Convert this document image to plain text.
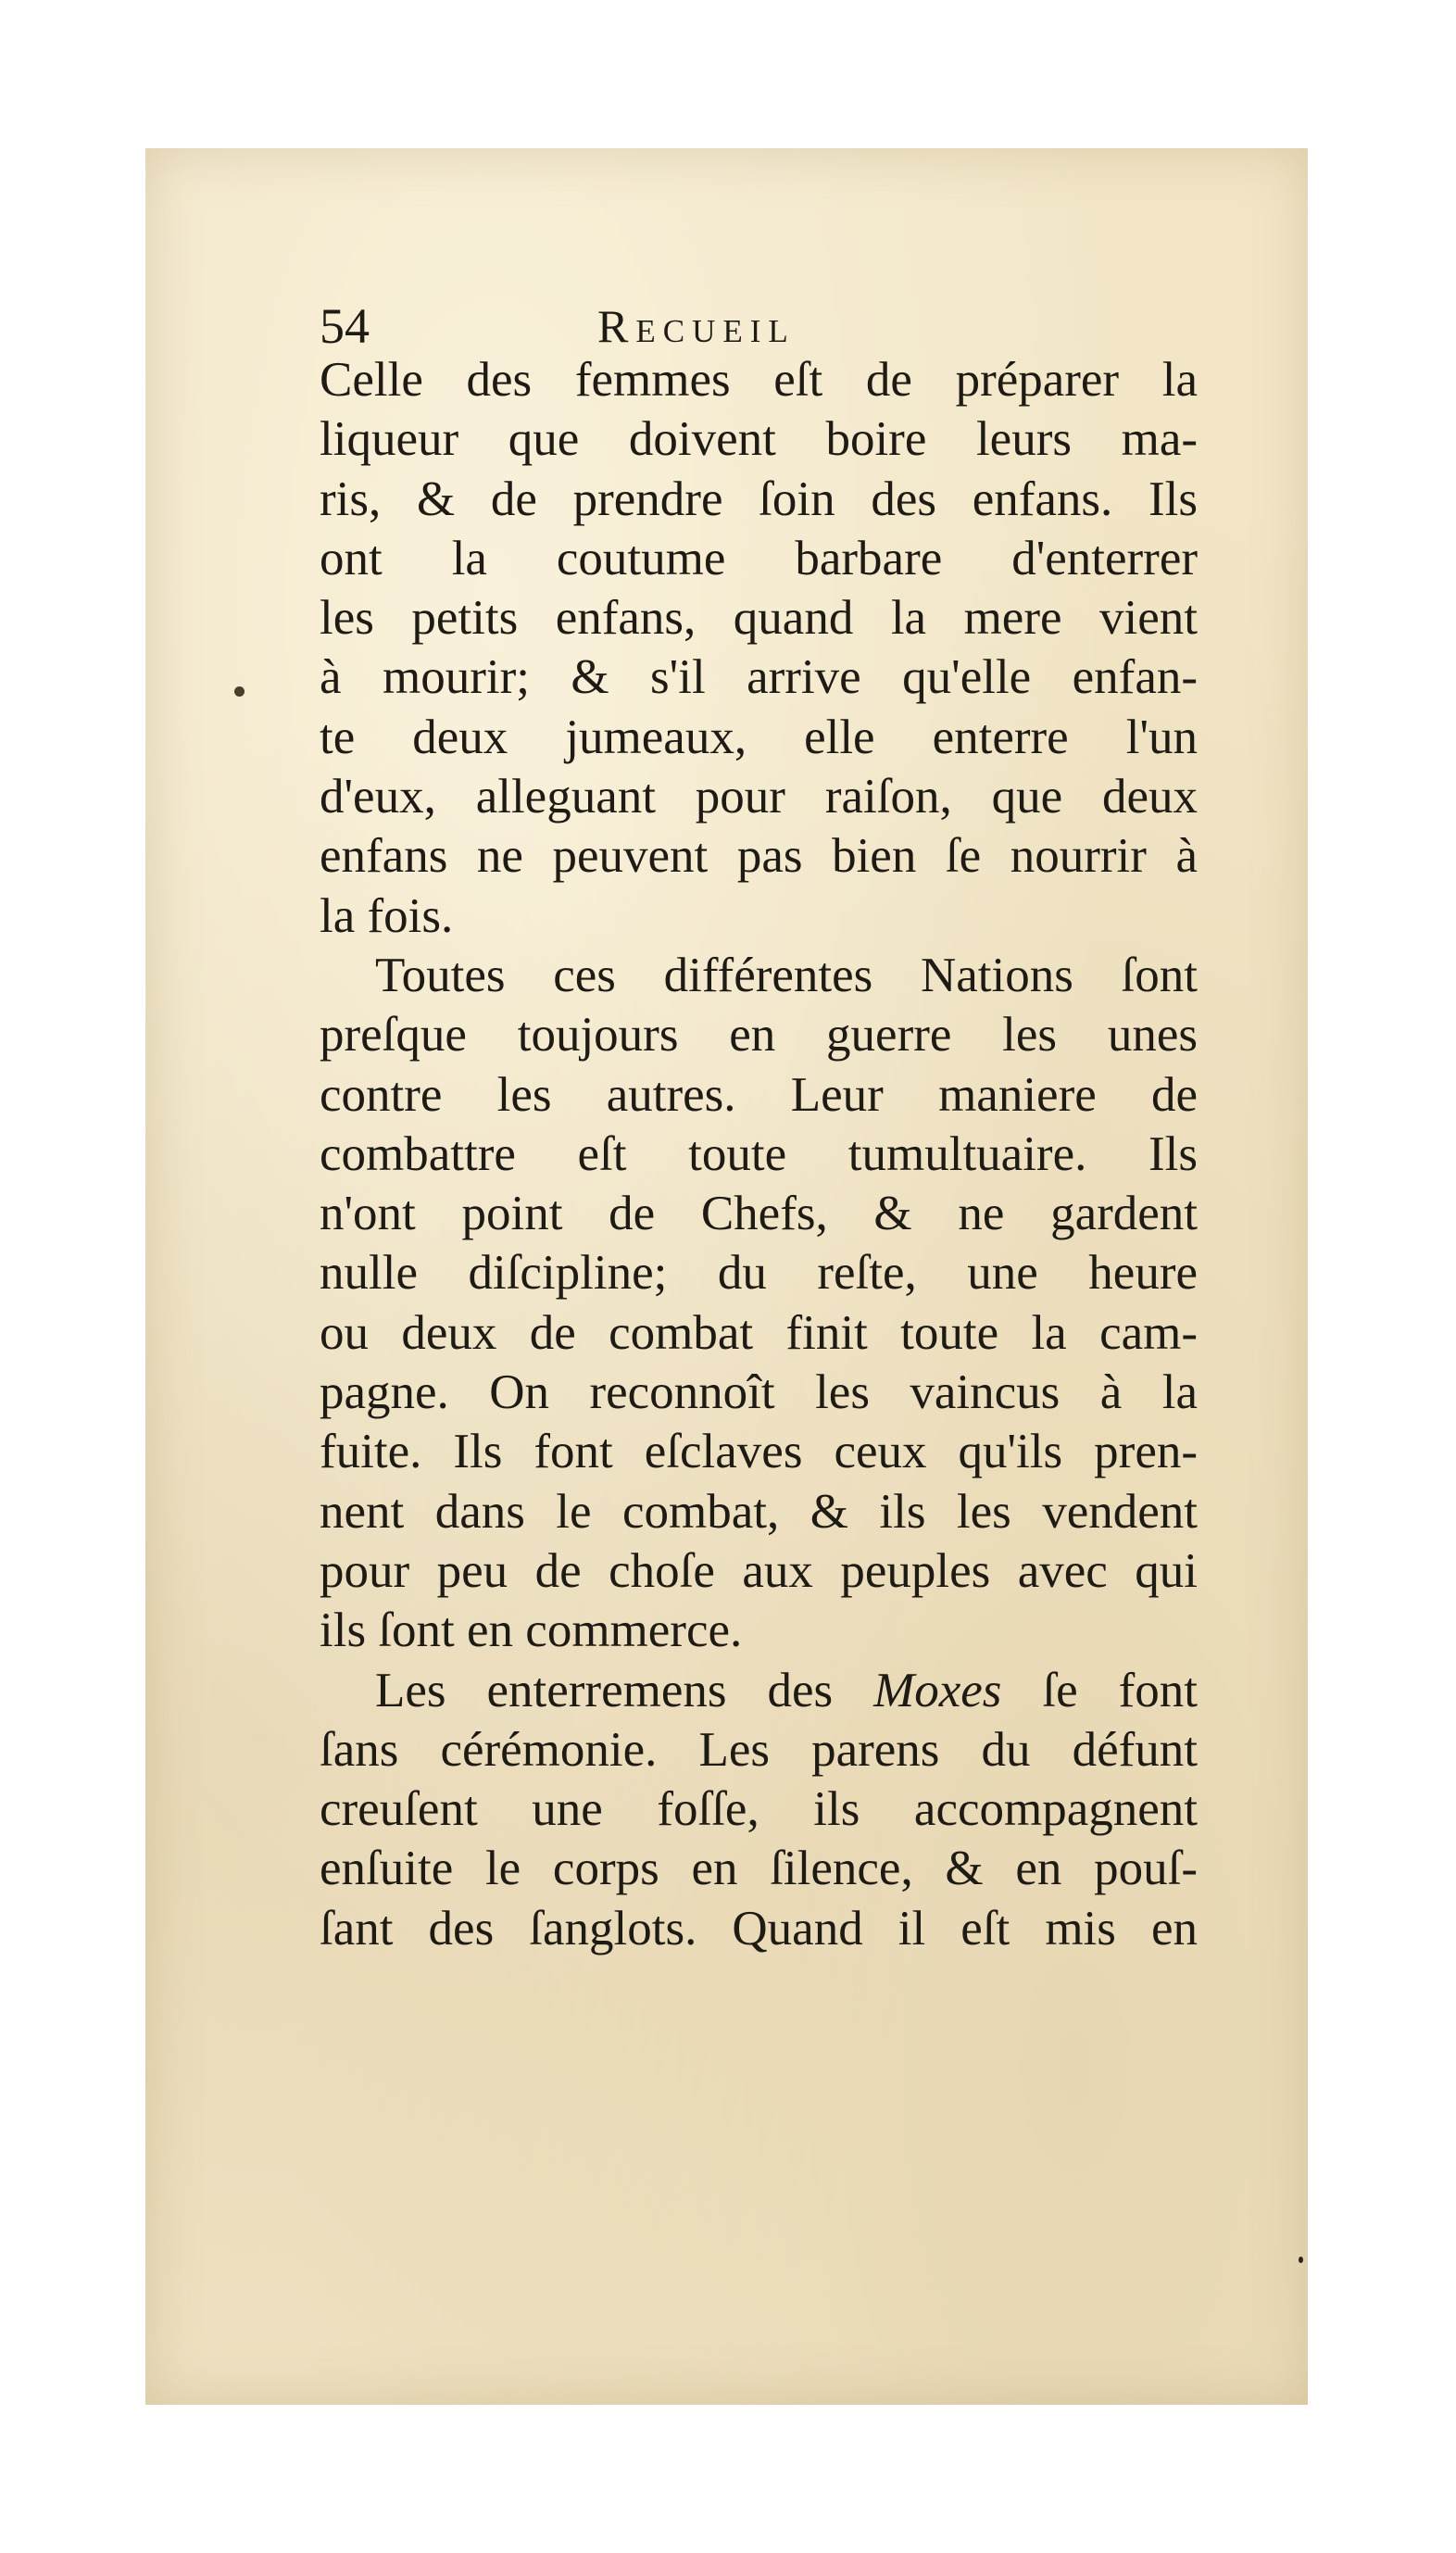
54	Recueil
Celle des femmes eſt de préparer la
liqueur que doivent boire leurs ma-
ris, & de prendre ſoin des enfans. Ils
ont la coutume barbare d'enterrer
les petits enfans, quand la mere vient
à mourir; & s'il arrive qu'elle enfan-
te deux jumeaux, elle enterre l'un
d'eux, alleguant pour raiſon, que deux
enfans ne peuvent pas bien ſe nourrir à
la fois.
Toutes ces différentes Nations ſont
preſque toujours en guerre les unes
contre les autres. Leur maniere de
combattre eſt toute tumultuaire. Ils
n'ont point de Chefs, & ne gardent
nulle diſcipline; du reſte, une heure
ou deux de combat finit toute la cam-
pagne. On reconnoît les vaincus à la
fuite. Ils font eſclaves ceux qu'ils pren-
nent dans le combat, & ils les vendent
pour peu de choſe aux peuples avec qui
ils ſont en commerce.
Les enterremens des Moxes ſe font
ſans cérémonie. Les parens du défunt
creuſent une foſſe, ils accompagnent
enſuite le corps en ſilence, & en pouſ-
ſant des ſanglots. Quand il eſt mis en
